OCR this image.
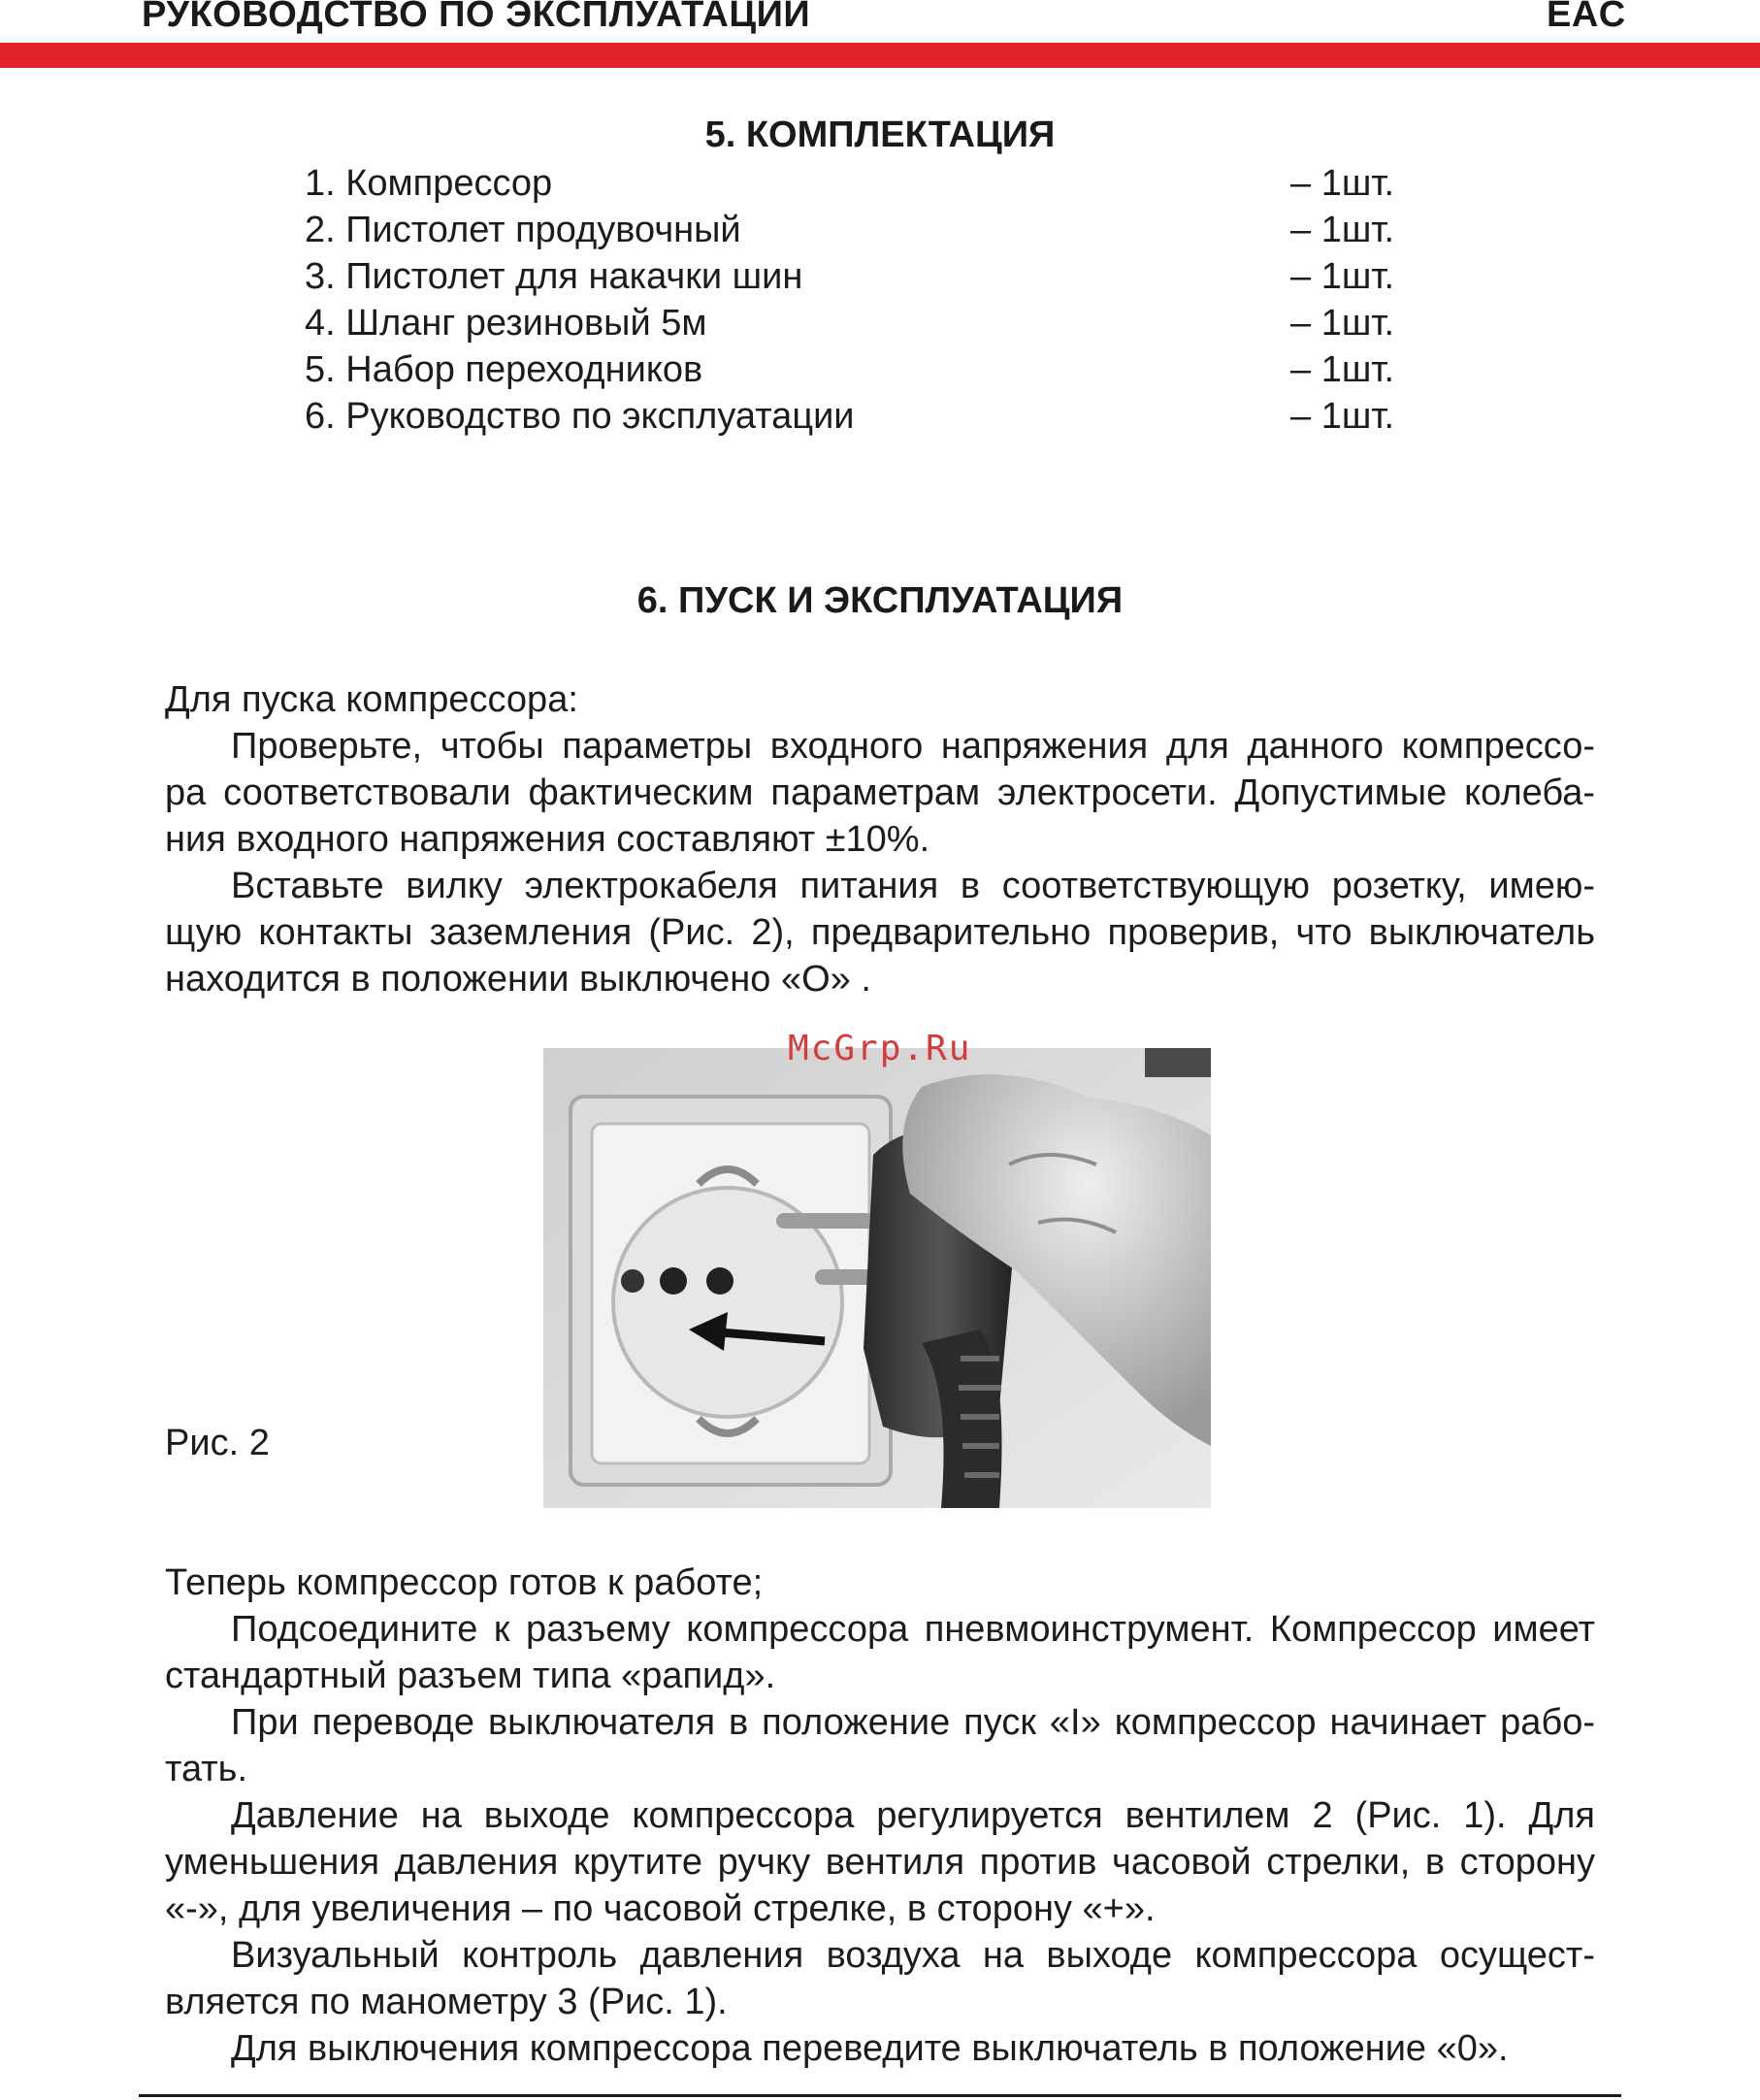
РУКОВОДСТВО ПО ЭКСПЛУАТАЦИИ	EAC
5. КОМПЛЕКТАЦИЯ
1. Компрессор	– 1шт.
2. Пистолет продувочный	– 1шт.
3. Пистолет для накачки шин	– 1шт.
4. Шланг резиновый 5м	– 1шт.
5. Набор переходников	– 1шт.
6. Руководство по эксплуатации	– 1шт.
6. ПУСК И ЭКСПЛУАТАЦИЯ
Для пуска компрессора:
Проверьте, чтобы параметры входного напряжения для данного компрессо-
ра соответствовали фактическим параметрам электросети. Допустимые колеба-
ния входного напряжения составляют ±10%.
Вставьте вилку электрокабеля питания в соответствующую розетку, имею-
щую контакты заземления (Рис. 2), предварительно проверив, что выключатель
находится в положении выключено «О» .
McGrp.Ru
Рис. 2
Теперь компрессор готов к работе;
Подсоедините к разъему компрессора пневмоинструмент. Компрессор имеет
стандартный разъем типа «рапид».
При переводе выключателя в положение пуск «I» компрессор начинает рабо-
тать.
Давление на выходе компрессора регулируется вентилем 2 (Рис. 1). Для
уменьшения давления крутите ручку вентиля против часовой стрелки, в сторону
«-», для увеличения – по часовой стрелке, в сторону «+».
Визуальный контроль давления воздуха на выходе компрессора осущест-
вляется по манометру 3 (Рис. 1).
Для выключения компрессора переведите выключатель в положение «0».
